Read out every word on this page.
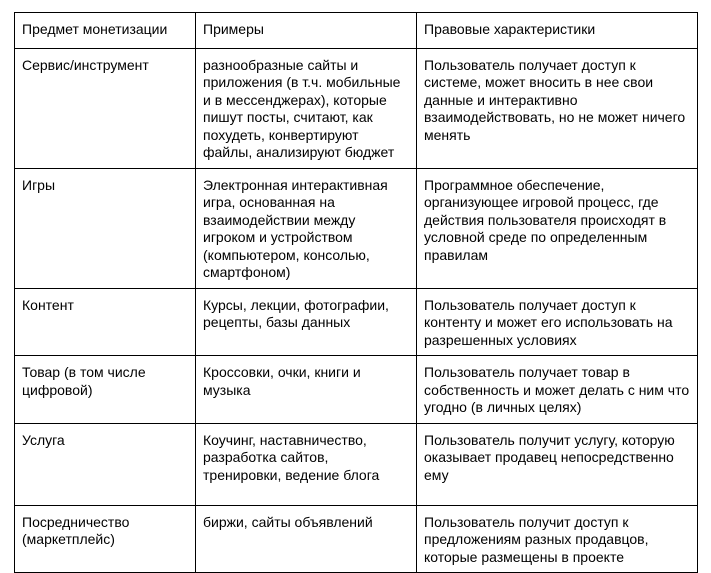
Предмет монетизации	Примеры	Правовые характеристики
Сервис/инструмент	разнообразные сайты и приложения (в т.ч. мобильные и в мессенджерах), которые пишут посты, считают, как похудеть, конвертируют файлы, анализируют бюджет	Пользователь получает доступ к системе, может вносить в нее свои данные и интерактивно взаимодействовать, но не может ничего менять
Игры	Электронная интерактивная игра, основанная на взаимодействии между игроком и устройством (компьютером, консолью, смартфоном)	Программное обеспечение, организующее игровой процесс, где действия пользователя происходят в условной среде по определенным правилам
Контент	Курсы, лекции, фотографии, рецепты, базы данных	Пользователь получает доступ к контенту и может его использовать на разрешенных условиях
Товар (в том числе цифровой)	Кроссовки, очки, книги и музыка	Пользователь получает товар в собственность и может делать с ним что угодно (в личных целях)
Услуга	Коучинг, наставничество, разработка сайтов, тренировки, ведение блога	Пользователь получит услугу, которую оказывает продавец непосредственно ему
Посредничество (маркетплейс)	биржи, сайты объявлений	Пользователь получит доступ к предложениям разных продавцов, которые размещены в проекте
